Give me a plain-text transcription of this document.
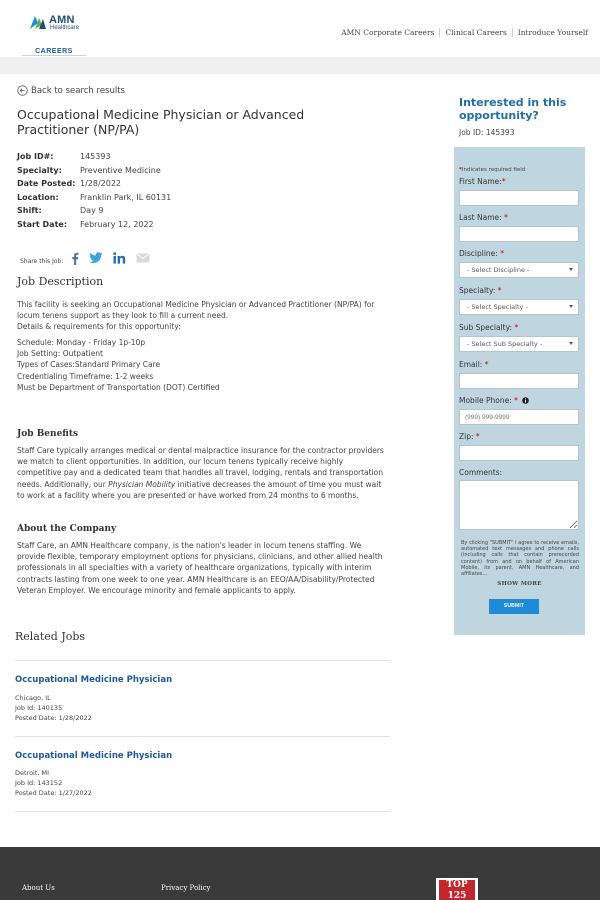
AMN
Healthcare
CAREERS
AMN Corporate Careers	Clinical Careers	Introduce Yourself
Back to search results
Occupational Medicine Physician or Advanced Practitioner (NP/PA)
Job ID#:	145393
Specialty:	Preventive Medicine
Date Posted: 1/28/2022
Location:	Franklin Park, IL 60131
Shift:	Day 9
Start Date:	February 12, 2022
Share this Job:
Job Description

This facility is seeking an Occupational Medicine Physician or Advanced Practitioner (NP/PA) for locum tenens support as they look to fill a current need.

Details & requirements for this opportunity:

Schedule: Monday - Friday 1p-10p
Job Setting: Outpatient
Types of Cases:Standard Primary Care
Credentialing Timeframe: 1-2 weeks
Must be Department of Transportation (DOT) Certified
Job Benefits

Staff Care typically arranges medical or dental malpractice insurance for the contractor providers we match to client opportunities. In addition, our locum tenens typically receive highly competitive pay and a dedicated team that handles all travel, lodging, rentals and transportation needs. Additionally, our Physician Mobility initiative decreases the amount of time you must wait to work at a facility where you are presented or have worked from 24 months to 6 months.

About the Company

Staff Care, an AMN Healthcare company, is the nation's leader in locum tenens staffing. We provide flexible, temporary employment options for physicians, clinicians, and other allied health professionals in all specialties with a variety of healthcare organizations, typically with interim contracts lasting from one week to one year. AMN Healthcare is an EEO/AA/Disability/Protected Veteran Employer. We encourage minority and female applicants to apply.

Related Jobs
Occupational Medicine Physician
Chicago, IL
Job Id: 140135
Posted Date: 1/28/2022
Occupational Medicine Physician
Detroit, MI
Job Id: 143152
Posted Date: 1/27/2022
Interested in this opportunity?
Job ID: 145393
*Indicates required field
First Name:*
Last Name: *
Discipline: *
- Select Discipline -
Specialty: *
- Select Specialty -
Sub Specialty: *
- Select Sub Specialty -
Email: *
Mobile Phone: *
(999) 999-9999
Zip: *
Comments:

By clicking "SUBMIT" I agree to receive emails, automated text messages and phone calls (including calls that contain prerecorded content) from and on behalf of American Mobile, its parent, AMN Healthcare, and affiliates...

SHOW MORE
SUBMIT
About Us	Privacy Policy	TOP 125
